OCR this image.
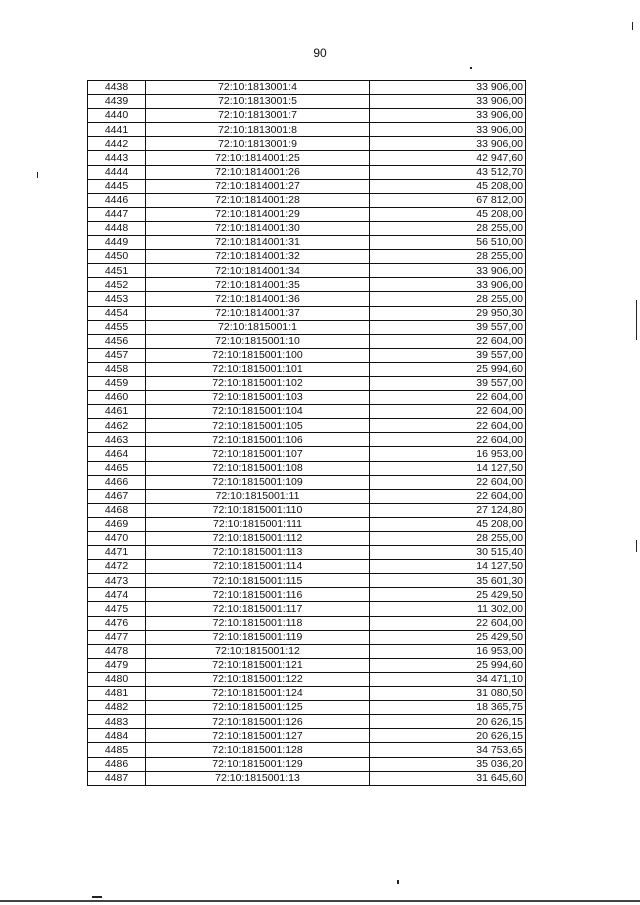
90
4438	72:10:1813001:4	33 906,00
4439	72:10:1813001:5	33 906,00
4440	72:10:1813001:7	33 906,00
4441	72:10:1813001:8	33 906,00
4442	72:10:1813001:9	33 906,00
4443	72:10:1814001:25	42 947,60
4444	72:10:1814001:26	43 512,70
4445	72:10:1814001:27	45 208,00
4446	72:10:1814001:28	67 812,00
4447	72:10:1814001:29	45 208,00
4448	72:10:1814001:30	28 255,00
4449	72:10:1814001:31	56 510,00
4450	72:10:1814001:32	28 255,00
4451	72:10:1814001:34	33 906,00
4452	72:10:1814001:35	33 906,00
4453	72:10:1814001:36	28 255,00
4454	72:10:1814001:37	29 950,30
4455	72:10:1815001:1	39 557,00
4456	72:10:1815001:10	22 604,00
4457	72:10:1815001:100	39 557,00
4458	72:10:1815001:101	25 994,60
4459	72:10:1815001:102	39 557,00
4460	72:10:1815001:103	22 604,00
4461	72:10:1815001:104	22 604,00
4462	72:10:1815001:105	22 604,00
4463	72:10:1815001:106	22 604,00
4464	72:10:1815001:107	16 953,00
4465	72:10:1815001:108	14 127,50
4466	72:10:1815001:109	22 604,00
4467	72:10:1815001:11	22 604,00
4468	72:10:1815001:110	27 124,80
4469	72:10:1815001:111	45 208,00
4470	72:10:1815001:112	28 255,00
4471	72:10:1815001:113	30 515,40
4472	72:10:1815001:114	14 127,50
4473	72:10:1815001:115	35 601,30
4474	72:10:1815001:116	25 429,50
4475	72:10:1815001:117	11 302,00
4476	72:10:1815001:118	22 604,00
4477	72:10:1815001:119	25 429,50
4478	72:10:1815001:12	16 953,00
4479	72:10:1815001:121	25 994,60
4480	72:10:1815001:122	34 471,10
4481	72:10:1815001:124	31 080,50
4482	72:10:1815001:125	18 365,75
4483	72:10:1815001:126	20 626,15
4484	72:10:1815001:127	20 626,15
4485	72:10:1815001:128	34 753,65
4486	72:10:1815001:129	35 036,20
4487	72:10:1815001:13	31 645,60
